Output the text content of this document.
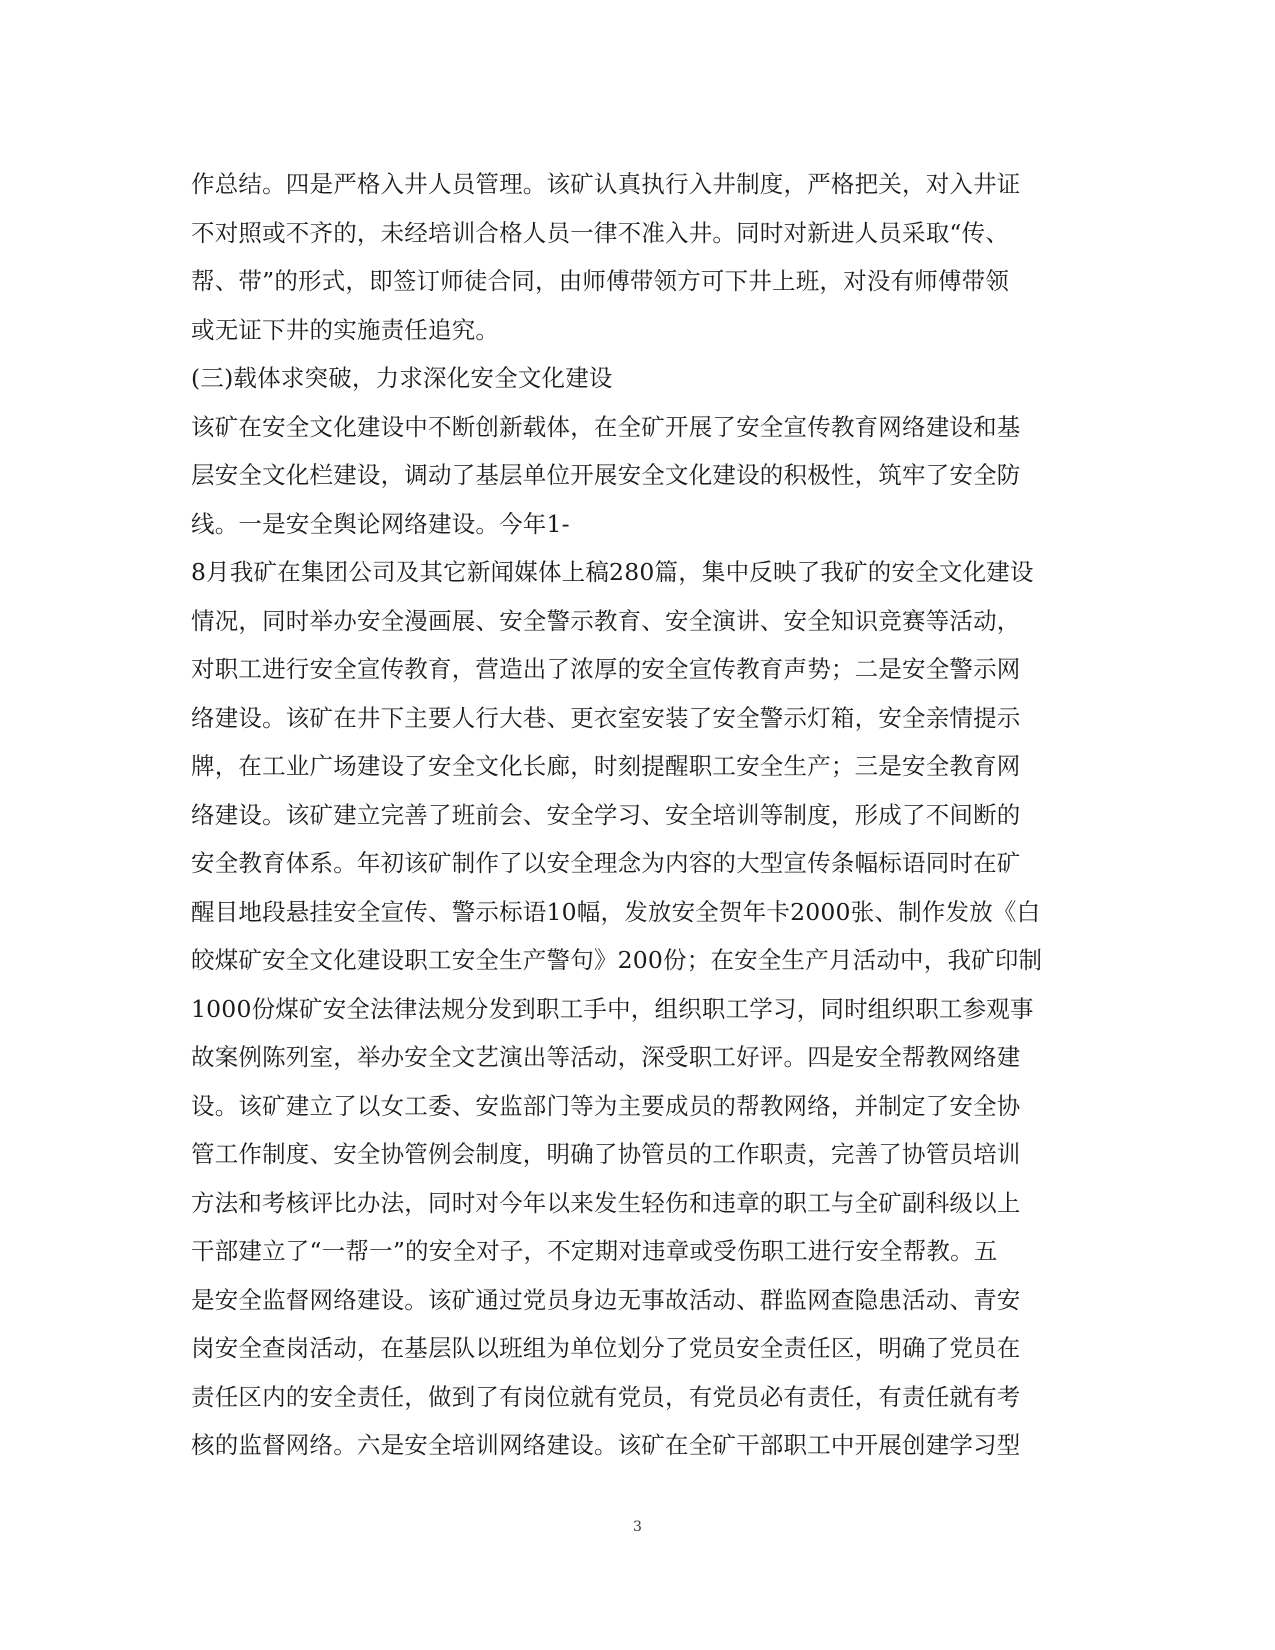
作总结。四是严格入井人员管理。该矿认真执行入井制度，严格把关，对入井证
不对照或不齐的，未经培训合格人员一律不准入井。同时对新进人员采取“传、
帮、带”的形式，即签订师徒合同，由师傅带领方可下井上班，对没有师傅带领
或无证下井的实施责任追究。
(三)载体求突破，力求深化安全文化建设
该矿在安全文化建设中不断创新载体，在全矿开展了安全宣传教育网络建设和基
层安全文化栏建设，调动了基层单位开展安全文化建设的积极性，筑牢了安全防
线。一是安全舆论网络建设。今年1-
8月我矿在集团公司及其它新闻媒体上稿280篇，集中反映了我矿的安全文化建设
情况，同时举办安全漫画展、安全警示教育、安全演讲、安全知识竞赛等活动，
对职工进行安全宣传教育，营造出了浓厚的安全宣传教育声势；二是安全警示网
络建设。该矿在井下主要人行大巷、更衣室安装了安全警示灯箱，安全亲情提示
牌，在工业广场建设了安全文化长廊，时刻提醒职工安全生产；三是安全教育网
络建设。该矿建立完善了班前会、安全学习、安全培训等制度，形成了不间断的
安全教育体系。年初该矿制作了以安全理念为内容的大型宣传条幅标语同时在矿
醒目地段悬挂安全宣传、警示标语10幅，发放安全贺年卡2000张、制作发放《白
皎煤矿安全文化建设职工安全生产警句》200份；在安全生产月活动中，我矿印制
1000份煤矿安全法律法规分发到职工手中，组织职工学习，同时组织职工参观事
故案例陈列室，举办安全文艺演出等活动，深受职工好评。四是安全帮教网络建
设。该矿建立了以女工委、安监部门等为主要成员的帮教网络，并制定了安全协
管工作制度、安全协管例会制度，明确了协管员的工作职责，完善了协管员培训
方法和考核评比办法，同时对今年以来发生轻伤和违章的职工与全矿副科级以上
干部建立了“一帮一”的安全对子，不定期对违章或受伤职工进行安全帮教。五
是安全监督网络建设。该矿通过党员身边无事故活动、群监网查隐患活动、青安
岗安全查岗活动，在基层队以班组为单位划分了党员安全责任区，明确了党员在
责任区内的安全责任，做到了有岗位就有党员，有党员必有责任，有责任就有考
核的监督网络。六是安全培训网络建设。该矿在全矿干部职工中开展创建学习型
3
